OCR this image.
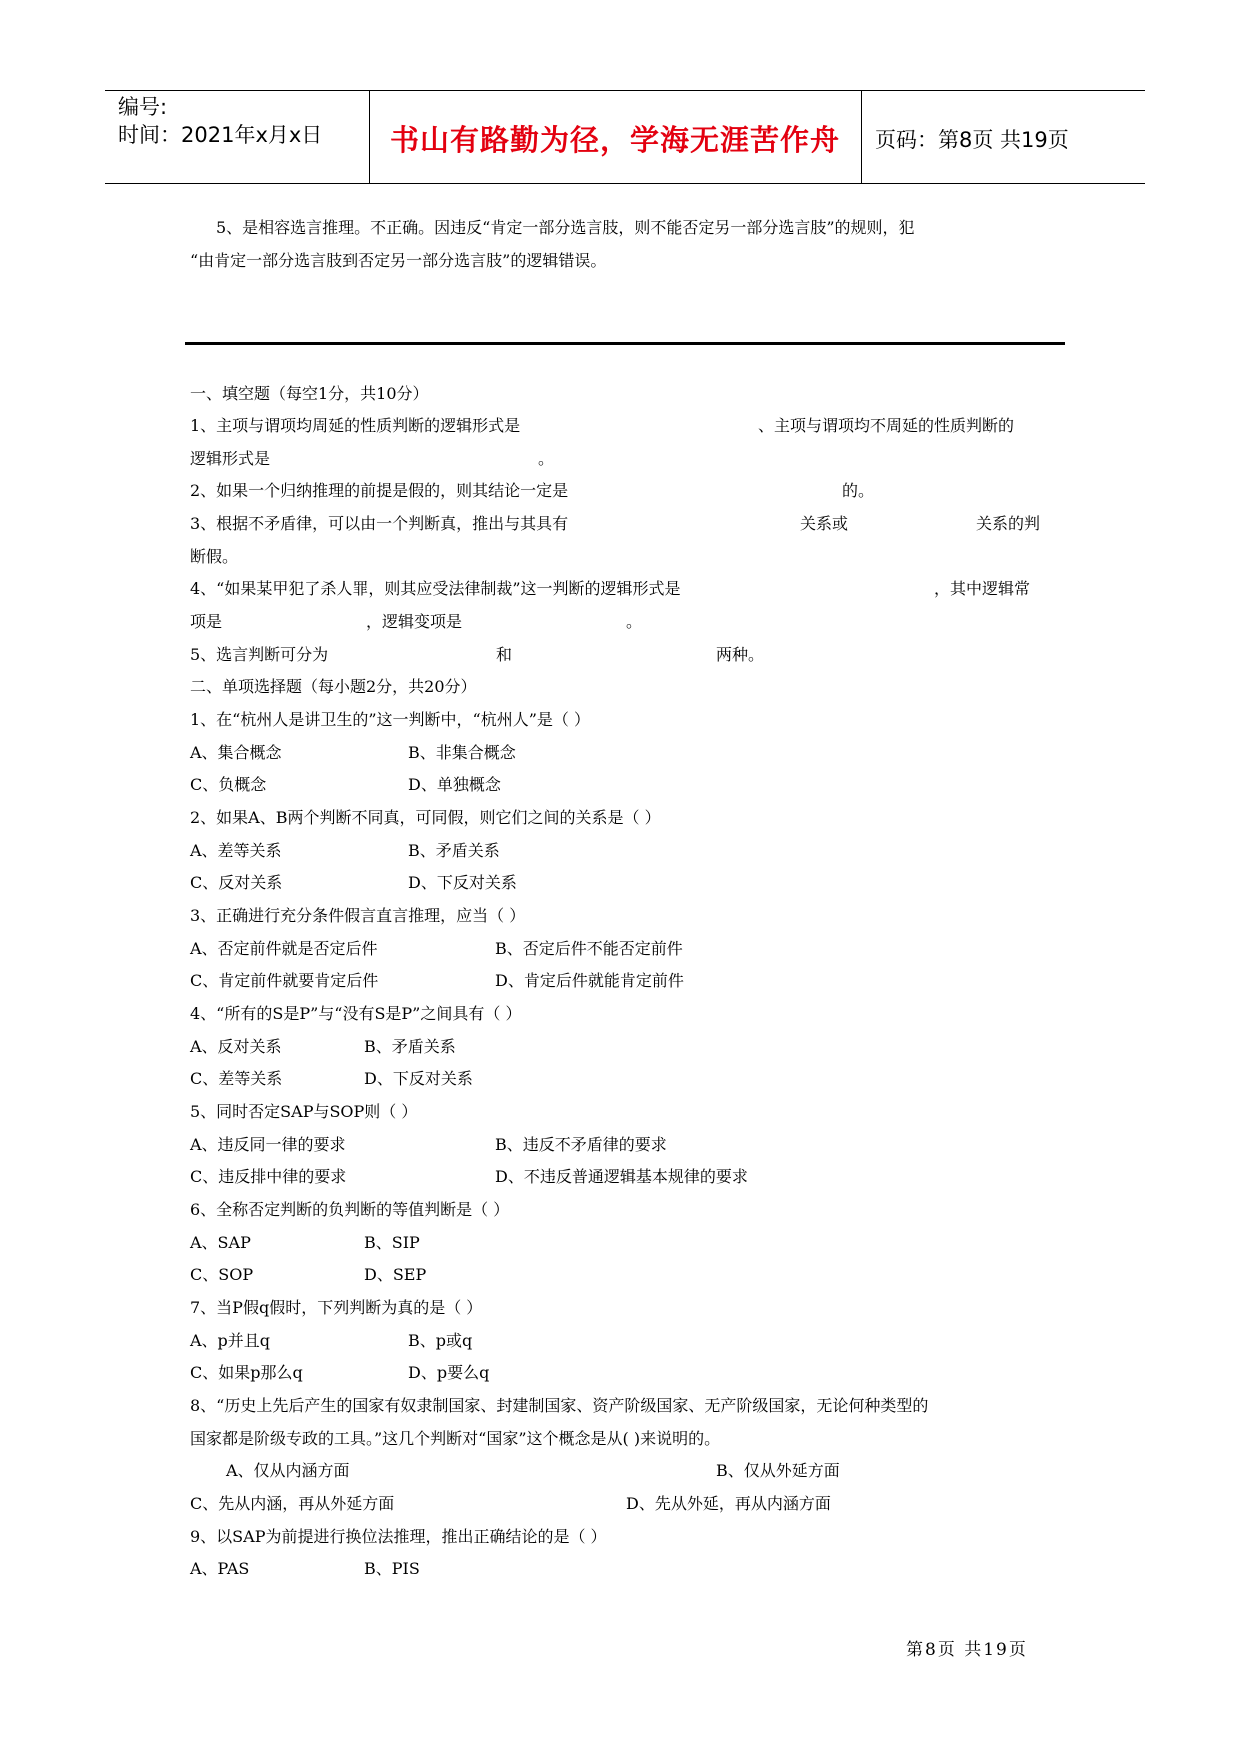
编号:
时间：2021年x月x日	书山有路勤为径，学海无涯苦作舟	页码：第8页 共19页
5、是相容选言推理。不正确。因违反“肯定一部分选言肢，则不能否定另一部分选言肢”的规则，犯
“由肯定一部分选言肢到否定另一部分选言肢”的逻辑错误。
一、填空题（每空1分，共10分）
1、主项与谓项均周延的性质判断的逻辑形式是	、主项与谓项均不周延的性质判断的
逻辑形式是	。
2、如果一个归纳推理的前提是假的，则其结论一定是	的。
3、根据不矛盾律，可以由一个判断真，推出与其具有	关系或	关系的判
断假。
4、“如果某甲犯了杀人罪，则其应受法律制裁”这一判断的逻辑形式是	，其中逻辑常
项是	，逻辑变项是	。
5、选言判断可分为	和	两种。
二、单项选择题（每小题2分，共20分）
1、在“杭州人是讲卫生的”这一判断中，“杭州人”是（ ）
A、集合概念	B、非集合概念
C、负概念	D、单独概念
2、如果A、B两个判断不同真，可同假，则它们之间的关系是（ ）
A、差等关系	B、矛盾关系
C、反对关系	D、下反对关系
3、正确进行充分条件假言直言推理，应当（ ）
A、否定前件就是否定后件	B、否定后件不能否定前件
C、肯定前件就要肯定后件	D、肯定后件就能肯定前件
4、“所有的S是P”与“没有S是P”之间具有（ ）
A、反对关系	B、矛盾关系
C、差等关系	D、下反对关系
5、同时否定SAP与SOP则（ ）
A、违反同一律的要求	B、违反不矛盾律的要求
C、违反排中律的要求	D、不违反普通逻辑基本规律的要求
6、全称否定判断的负判断的等值判断是（ ）
A、SAP	B、SIP
C、SOP	D、SEP
7、当P假q假时，下列判断为真的是（ ）
A、p并且q	B、p或q
C、如果p那么q	D、p要么q
8、“历史上先后产生的国家有奴隶制国家、封建制国家、资产阶级国家、无产阶级国家，无论何种类型的
国家都是阶级专政的工具。”这几个判断对“国家”这个概念是从( )来说明的。
A、仅从内涵方面	B、仅从外延方面
C、先从内涵，再从外延方面	D、先从外延，再从内涵方面
9、以SAP为前提进行换位法推理，推出正确结论的是（ ）
A、PAS	B、PIS
第8页 共19页
